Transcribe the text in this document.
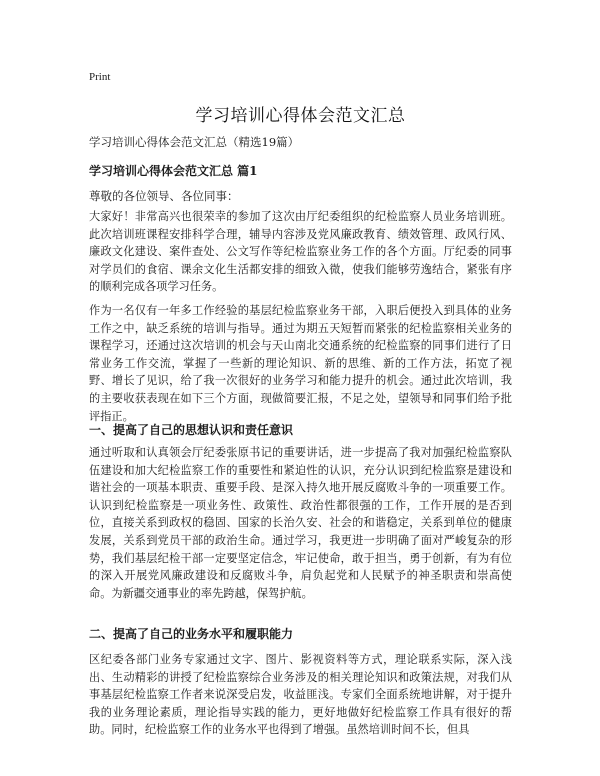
Print
学习培训心得体会范文汇总

学习培训心得体会范文汇总（精选19篇）

学习培训心得体会范文汇总 篇1

尊敬的各位领导、各位同事：

大家好！非常高兴也很荣幸的参加了这次由厅纪委组织的纪检监察人员业务培训班。此次培训班课程安排科学合理，辅导内容涉及党风廉政教育、绩效管理、政风行风、廉政文化建设、案件查处、公文写作等纪检监察业务工作的各个方面。厅纪委的同事对学员们的食宿、课余文化生活都安排的细致入微，使我们能够劳逸结合，紧张有序的顺利完成各项学习任务。

作为一名仅有一年多工作经验的基层纪检监察业务干部，入职后便投入到具体的业务工作之中，缺乏系统的培训与指导。通过为期五天短暂而紧张的纪检监察相关业务的课程学习，还通过这次培训的机会与天山南北交通系统的纪检监察的同事们进行了日常业务工作交流，掌握了一些新的理论知识、新的思维、新的工作方法，拓宽了视野、增长了见识，给了我一次很好的业务学习和能力提升的机会。通过此次培训，我的主要收获表现在如下三个方面，现做简要汇报，不足之处，望领导和同事们给予批评指正。

一、提高了自己的思想认识和责任意识

通过听取和认真领会厅纪委张原书记的重要讲话，进一步提高了我对加强纪检监察队伍建设和加大纪检监察工作的重要性和紧迫性的认识，充分认识到纪检监察是建设和谐社会的一项基本职责、重要手段、是深入持久地开展反腐败斗争的一项重要工作。认识到纪检监察是一项业务性、政策性、政治性都很强的工作，工作开展的是否到位，直接关系到政权的稳固、国家的长治久安、社会的和谐稳定，关系到单位的健康发展，关系到党员干部的政治生命。通过学习，我更进一步明确了面对严峻复杂的形势，我们基层纪检干部一定要坚定信念，牢记使命，敢于担当，勇于创新，有为有位的深入开展党风廉政建设和反腐败斗争，肩负起党和人民赋予的神圣职责和崇高使命。为新疆交通事业的率先跨越，保驾护航。

二、提高了自己的业务水平和履职能力

区纪委各部门业务专家通过文字、图片、影视资料等方式，理论联系实际，深入浅出、生动精彩的讲授了纪检监察综合业务涉及的相关理论知识和政策法规，对我们从事基层纪检监察工作者来说深受启发，收益匪浅。专家们全面系统地讲解，对于提升我的业务理论素质，理论指导实践的能力，更好地做好纪检监察工作具有很好的帮助。同时，纪检监察工作的业务水平也得到了增强。虽然培训时间不长，但具
